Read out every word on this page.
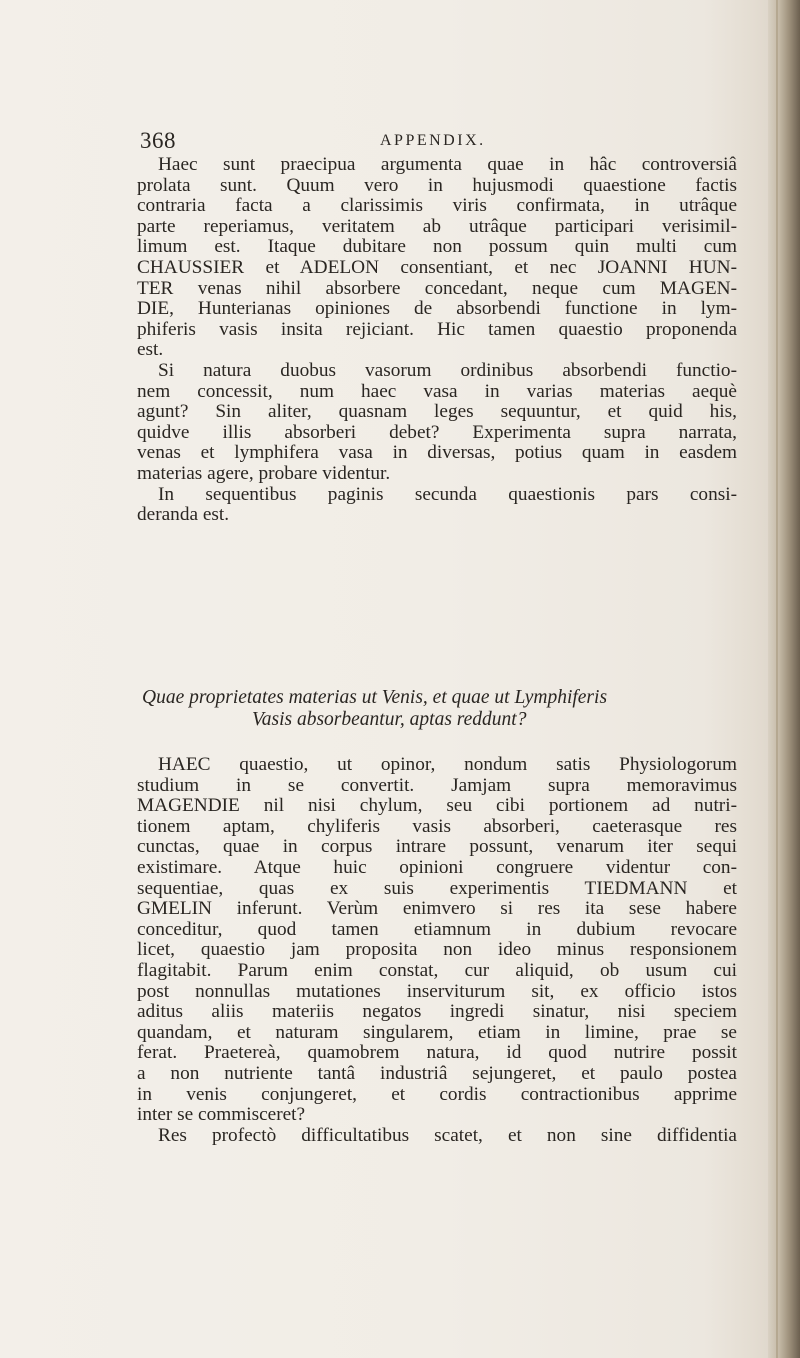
368	APPENDIX.
Haec sunt praecipua argumenta quae in hâc controversiâ
prolata sunt. Quum vero in hujusmodi quaestione factis
contraria facta a clarissimis viris confirmata, in utrâque
parte reperiamus, veritatem ab utrâque participari verisimil-
limum est. Itaque dubitare non possum quin multi cum
CHAUSSIER et ADELON consentiant, et nec JOANNI HUN-
TER venas nihil absorbere concedant, neque cum MAGEN-
DIE, Hunterianas opiniones de absorbendi functione in lym-
phiferis vasis insita rejiciant. Hic tamen quaestio proponenda
est.
Si natura duobus vasorum ordinibus absorbendi functio-
nem concessit, num haec vasa in varias materias aequè
agunt? Sin aliter, quasnam leges sequuntur, et quid his,
quidve illis absorberi debet? Experimenta supra narrata,
venas et lymphifera vasa in diversas, potius quam in easdem
materias agere, probare videntur.
In sequentibus paginis secunda quaestionis pars consi-
deranda est.
Quae proprietates materias ut Venis, et quae ut Lymphiferis
Vasis absorbeantur, aptas reddunt?
HAEC quaestio, ut opinor, nondum satis Physiologorum
studium in se convertit. Jamjam supra memoravimus
MAGENDIE nil nisi chylum, seu cibi portionem ad nutri-
tionem aptam, chyliferis vasis absorberi, caeterasque res
cunctas, quae in corpus intrare possunt, venarum iter sequi
existimare. Atque huic opinioni congruere videntur con-
sequentiae, quas ex suis experimentis TIEDMANN et
GMELIN inferunt. Verùm enimvero si res ita sese habere
conceditur, quod tamen etiamnum in dubium revocare
licet, quaestio jam proposita non ideo minus responsionem
flagitabit. Parum enim constat, cur aliquid, ob usum cui
post nonnullas mutationes inserviturum sit, ex officio istos
aditus aliis materiis negatos ingredi sinatur, nisi speciem
quandam, et naturam singularem, etiam in limine, prae se
ferat. Praetereà, quamobrem natura, id quod nutrire possit
a non nutriente tantâ industriâ sejungeret, et paulo postea
in venis conjungeret, et cordis contractionibus apprime
inter se commisceret?
Res profectò difficultatibus scatet, et non sine diffidentia
